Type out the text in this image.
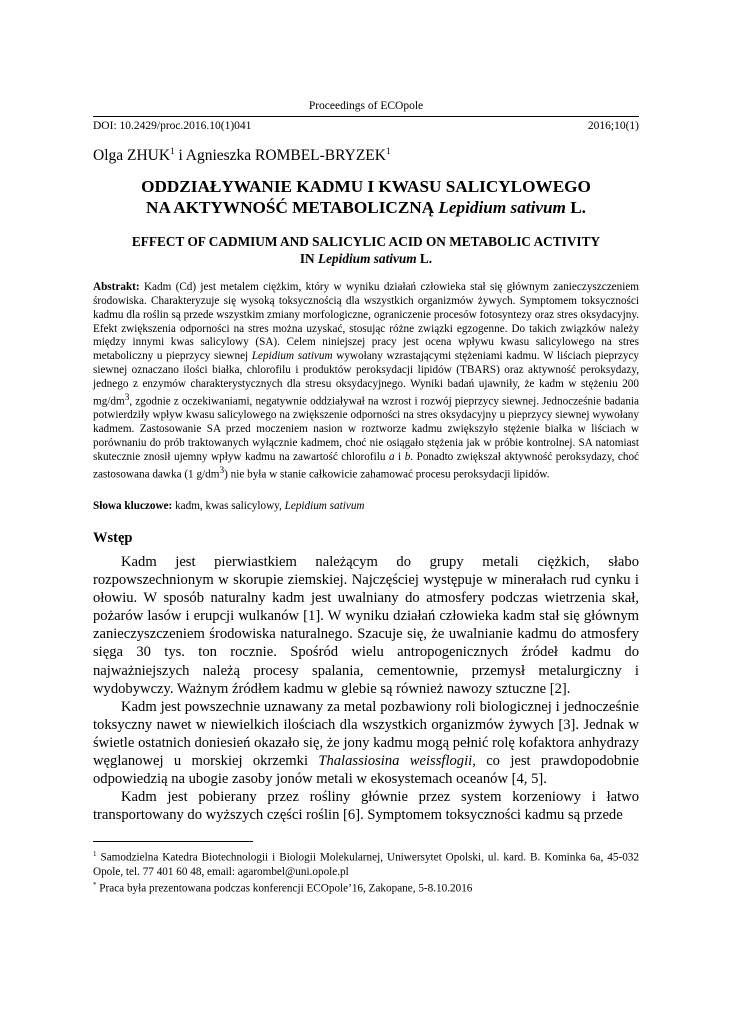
Proceedings of ECOpole
DOI: 10.2429/proc.2016.10(1)041	2016;10(1)
Olga ZHUK$^1$ i Agnieszka ROMBEL-BRYZEK$^1$
ODDZIAŁYWANIE KADMU I KWASU SALICYLOWEGO
NA AKTYWNOŚĆ METABOLICZNĄ Lepidium sativum L.
EFFECT OF CADMIUM AND SALICYLIC ACID ON METABOLIC ACTIVITY
IN Lepidium sativum L.
Abstrakt: Kadm (Cd) jest metalem ciężkim, który w wyniku działań człowieka stał się głównym zanieczyszczeniem środowiska. Charakteryzuje się wysoką toksycznością dla wszystkich organizmów żywych. Symptomem toksyczności kadmu dla roślin są przede wszystkim zmiany morfologiczne, ograniczenie procesów fotosyntezy oraz stres oksydacyjny. Efekt zwiększenia odporności na stres można uzyskać, stosując różne związki egzogenne. Do takich związków należy między innymi kwas salicylowy (SA). Celem niniejszej pracy jest ocena wpływu kwasu salicylowego na stres metaboliczny u pieprzycy siewnej Lepidium sativum wywołany wzrastającymi stężeniami kadmu. W liściach pieprzycy siewnej oznaczano ilości białka, chlorofilu i produktów peroksydacji lipidów (TBARS) oraz aktywność peroksydazy, jednego z enzymów charakterystycznych dla stresu oksydacyjnego. Wyniki badań ujawniły, że kadm w stężeniu 200 $mg/dm^3$, zgodnie z oczekiwaniami, negatywnie oddziaływał na wzrost i rozwój pieprzycy siewnej. Jednocześnie badania potwierdziły wpływ kwasu salicylowego na zwiększenie odporności na stres oksydacyjny u pieprzycy siewnej wywołany kadmem. Zastosowanie SA przed moczeniem nasion w roztworze kadmu zwiększyło stężenie białka w liściach w porównaniu do prób traktowanych wyłącznie kadmem, choć nie osiągało stężenia jak w próbie kontrolnej. SA natomiast skutecznie znosił ujemny wpływ kadmu na zawartość chlorofilu a i b. Ponadto zwiększał aktywność peroksydazy, choć zastosowana dawka (1 $g/dm^3$) nie była w stanie całkowicie zahamować procesu peroksydacji lipidów.
Słowa kluczowe: kadm, kwas salicylowy, Lepidium sativum
Wstęp

Kadm jest pierwiastkiem należącym do grupy metali ciężkich, słabo rozpowszechnionym w skorupie ziemskiej. Najczęściej występuje w minerałach rud cynku i ołowiu. W sposób naturalny kadm jest uwalniany do atmosfery podczas wietrzenia skał, pożarów lasów i erupcji wulkanów [1]. W wyniku działań człowieka kadm stał się głównym zanieczyszczeniem środowiska naturalnego. Szacuje się, że uwalnianie kadmu do atmosfery sięga 30 tys. ton rocznie. Spośród wielu antropogenicznych źródeł kadmu do najważniejszych należą procesy spalania, cementownie, przemysł metalurgiczny i wydobywczy. Ważnym źródłem kadmu w glebie są również nawozy sztuczne [2].

Kadm jest powszechnie uznawany za metal pozbawiony roli biologicznej i jednocześnie toksyczny nawet w niewielkich ilościach dla wszystkich organizmów żywych [3]. Jednak w świetle ostatnich doniesień okazało się, że jony kadmu mogą pełnić rolę kofaktora anhydrazy węglanowej u morskiej okrzemki Thalassiosina weissflogii, co jest prawdopodobnie odpowiedzią na ubogie zasoby jonów metali w ekosystemach oceanów [4, 5].

Kadm jest pobierany przez rośliny głównie przez system korzeniowy i łatwo transportowany do wyższych części roślin [6]. Symptomem toksyczności kadmu są przede

$^1$ Samodzielna Katedra Biotechnologii i Biologii Molekularnej, Uniwersytet Opolski, ul. kard. B. Kominka 6a, 45-032 Opole, tel. 77 401 60 48, email: agarombel@uni.opole.pl

* Praca była prezentowana podczas konferencji ECOpole’16, Zakopane, 5-8.10.2016
